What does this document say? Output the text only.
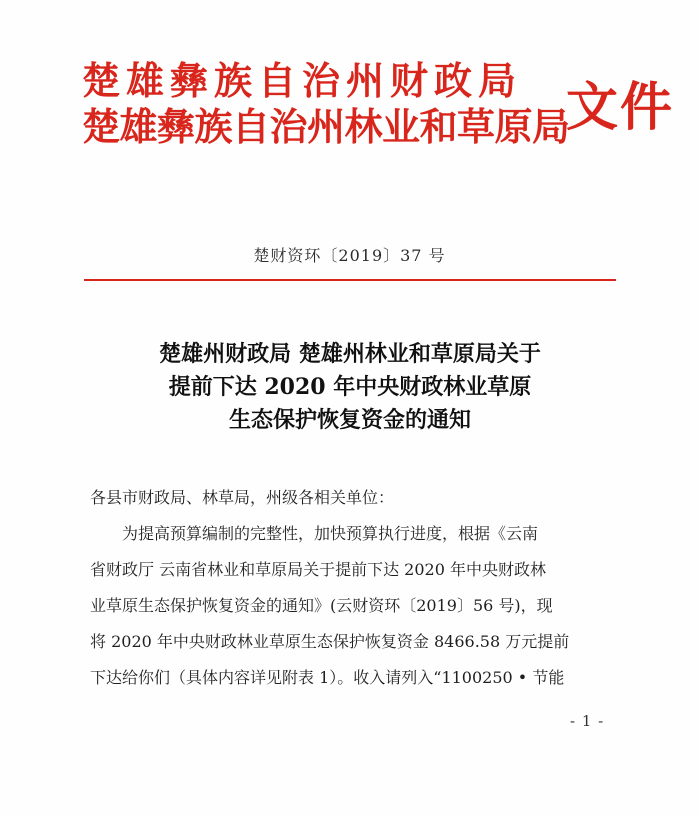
楚雄彝族自治州财政局
楚雄彝族自治州林业和草原局
文件
楚财资环〔2019〕37 号
楚雄州财政局 楚雄州林业和草原局关于
提前下达 2020 年中央财政林业草原
生态保护恢复资金的通知

各县市财政局、林草局，州级各相关单位：

为提高预算编制的完整性，加快预算执行进度，根据《云南

省财政厅 云南省林业和草原局关于提前下达 2020 年中央财政林

业草原生态保护恢复资金的通知》(云财资环〔2019〕56 号)，现

将 2020 年中央财政林业草原生态保护恢复资金 8466.58 万元提前

下达给你们（具体内容详见附表 1）。收入请列入“1100250 • 节能

- 1 -
